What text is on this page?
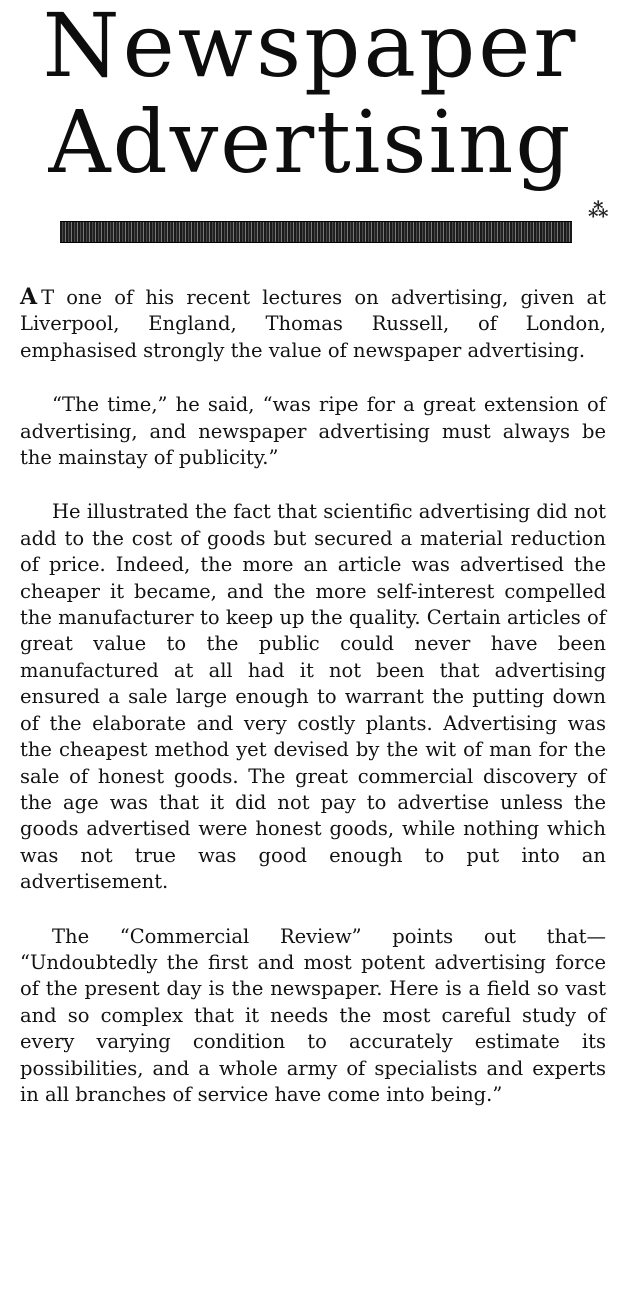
Newspaper
Advertising
⁂

A T one of his recent lectures on advertising, given at Liverpool, England, Thomas Russell, of London, emphasised strongly the value of newspaper advertising.

“The time,” he said, “was ripe for a great extension of advertising, and newspaper advertising must always be the mainstay of publicity.”

He illustrated the fact that scientific advertising did not add to the cost of goods but secured a material reduction of price. Indeed, the more an article was advertised the cheaper it became, and the more self-interest compelled the manufacturer to keep up the quality. Certain articles of great value to the public could never have been manufactured at all had it not been that advertising ensured a sale large enough to warrant the putting down of the elaborate and very costly plants. Advertising was the cheapest method yet devised by the wit of man for the sale of honest goods. The great commercial discovery of the age was that it did not pay to advertise unless the goods advertised were honest goods, while nothing which was not true was good enough to put into an advertisement.

The “Commercial Review” points out that— “Undoubtedly the first and most potent advertising force of the present day is the newspaper. Here is a field so vast and so complex that it needs the most careful study of every varying condition to accurately estimate its possibilities, and a whole army of specialists and experts in all branches of service have come into being.”
